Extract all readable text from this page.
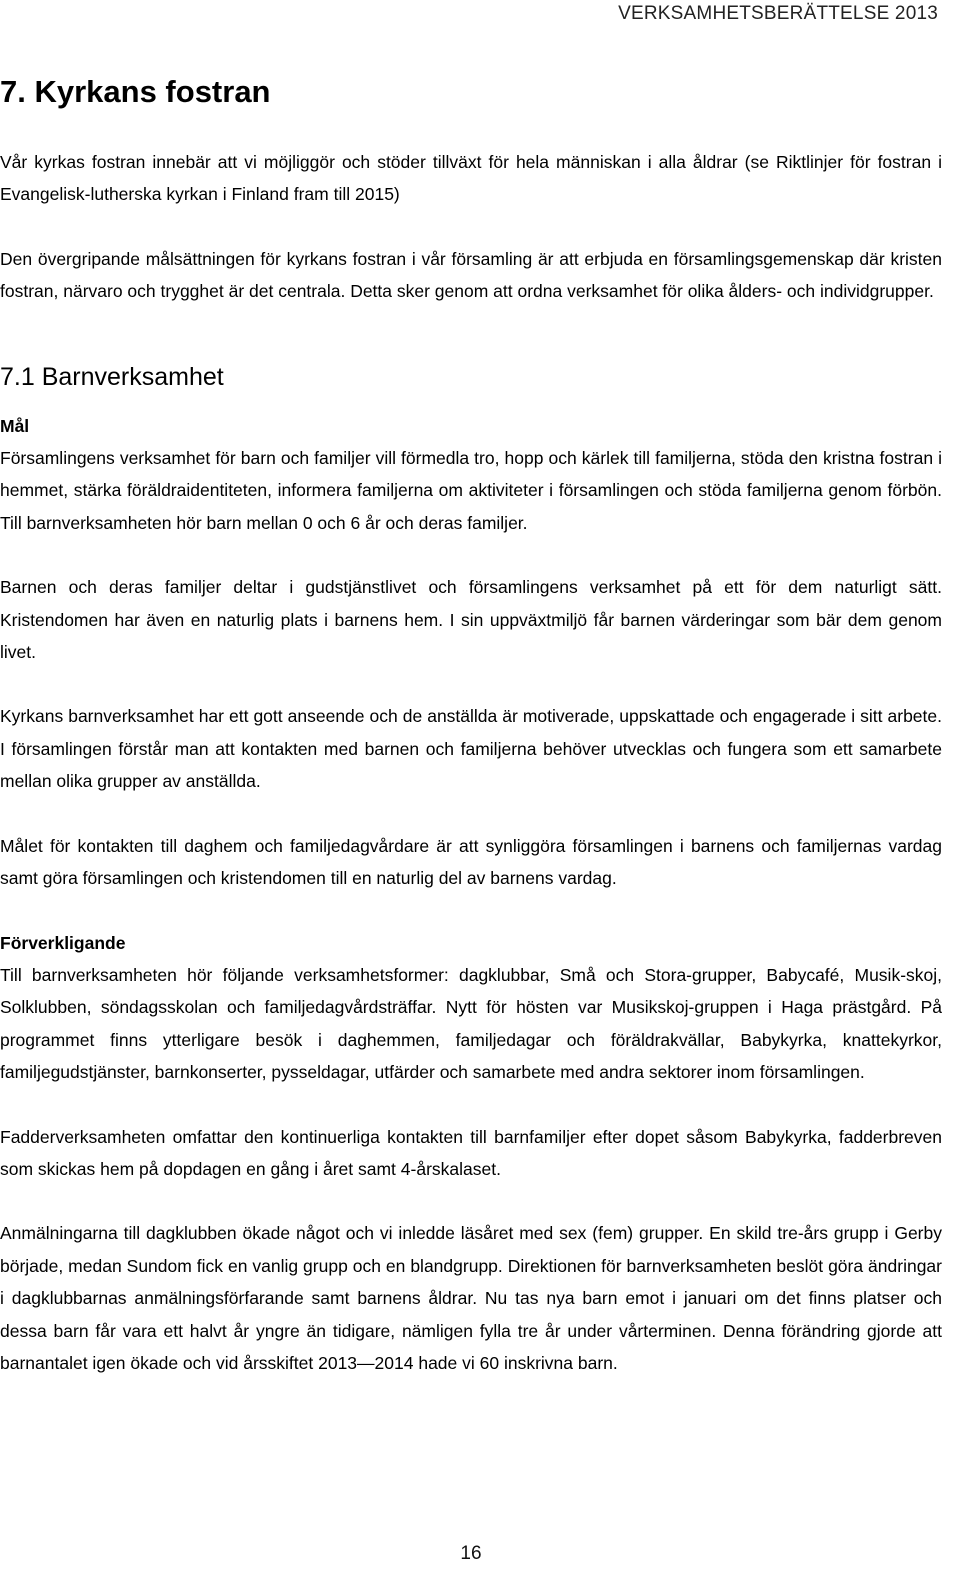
VERKSAMHETSBERÄTTELSE 2013
7. Kyrkans fostran

Vår kyrkas fostran innebär att vi möjliggör och stöder tillväxt för hela människan i alla åldrar (se Riktlinjer för fostran i Evangelisk-lutherska kyrkan i Finland fram till 2015)

Den övergripande målsättningen för kyrkans fostran i vår församling är att erbjuda en församlingsgemenskap där kristen fostran, närvaro och trygghet är det centrala. Detta sker genom att ordna verksamhet för olika ålders- och individgrupper.

7.1 Barnverksamhet
Mål

Församlingens verksamhet för barn och familjer vill förmedla tro, hopp och kärlek till familjerna, stöda den kristna fostran i hemmet, stärka föräldraidentiteten, informera familjerna om aktiviteter i församlingen och stöda familjerna genom förbön. Till barnverksamheten hör barn mellan 0 och 6 år och deras familjer.

Barnen och deras familjer deltar i gudstjänstlivet och församlingens verksamhet på ett för dem naturligt sätt. Kristendomen har även en naturlig plats i barnens hem. I sin uppväxtmiljö får barnen värderingar som bär dem genom livet.

Kyrkans barnverksamhet har ett gott anseende och de anställda är motiverade, uppskattade och engagerade i sitt arbete. I församlingen förstår man att kontakten med barnen och familjerna behöver utvecklas och fungera som ett samarbete mellan olika grupper av anställda.

Målet för kontakten till daghem och familjedagvårdare är att synliggöra församlingen i barnens och familjernas vardag samt göra församlingen och kristendomen till en naturlig del av barnens vardag.

Förverkligande

Till barnverksamheten hör följande verksamhetsformer: dagklubbar, Små och Stora-grupper, Babycafé, Musik-skoj, Solklubben, söndagsskolan och familjedagvårdsträffar. Nytt för hösten var Musikskoj-gruppen i Haga prästgård. På programmet finns ytterligare besök i daghemmen, familjedagar och föräldrakvällar, Babykyrka, knattekyrkor, familjegudstjänster, barnkonserter, pysseldagar, utfärder och samarbete med andra sektorer inom församlingen.

Fadderverksamheten omfattar den kontinuerliga kontakten till barnfamiljer efter dopet såsom Babykyrka, fadderbreven som skickas hem på dopdagen en gång i året samt 4-årskalaset.

Anmälningarna till dagklubben ökade något och vi inledde läsåret med sex (fem) grupper. En skild tre-års grupp i Gerby började, medan Sundom fick en vanlig grupp och en blandgrupp. Direktionen för barnverksamheten beslöt göra ändringar i dagklubbarnas anmälningsförfarande samt barnens åldrar. Nu tas nya barn emot i januari om det finns platser och dessa barn får vara ett halvt år yngre än tidigare, nämligen fylla tre år under vårterminen. Denna förändring gjorde att barnantalet igen ökade och vid årsskiftet 2013—2014 hade vi 60 inskrivna barn.

16
